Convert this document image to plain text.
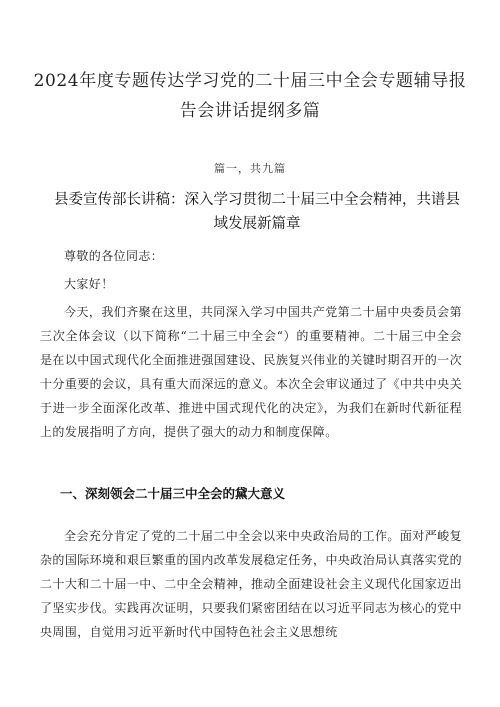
2024年度专题传达学习党的二十届三中全会专题辅导报告会讲话提纲多篇
篇一，共九篇
县委宣传部长讲稿：深入学习贯彻二十届三中全会精神，共谱县域发展新篇章

尊敬的各位同志：

大家好！

今天，我们齐聚在这里，共同深入学习中国共产党第二十届中央委员会第三次全体会议（以下简称“二十届三中全会“）的重要精神。二十届三中全会是在以中国式现代化全面推进强国建设、民族复兴伟业的关键时期召开的一次十分重要的会议，具有重大而深远的意义。本次全会审议通过了《中共中央关于进一步全面深化改革、推进中国式现代化的决定》，为我们在新时代新征程上的发展指明了方向，提供了强大的动力和制度保障。

一、深刻领会二十届三中全会的黛大意义

全会充分肯定了党的二十届二中全会以来中央政治局的工作。面对严峻复杂的国际环境和艰巨繁重的国内改革发展稳定任务，中央政治局认真落实党的二十大和二十届一中、二中全会精神，推动全面建设社会主义现代化国家迈出了坚实步伐。实践再次证明，只要我们紧密团结在以习近平同志为核心的党中央周围，自觉用习近平新时代中国特色社会主义思想统
